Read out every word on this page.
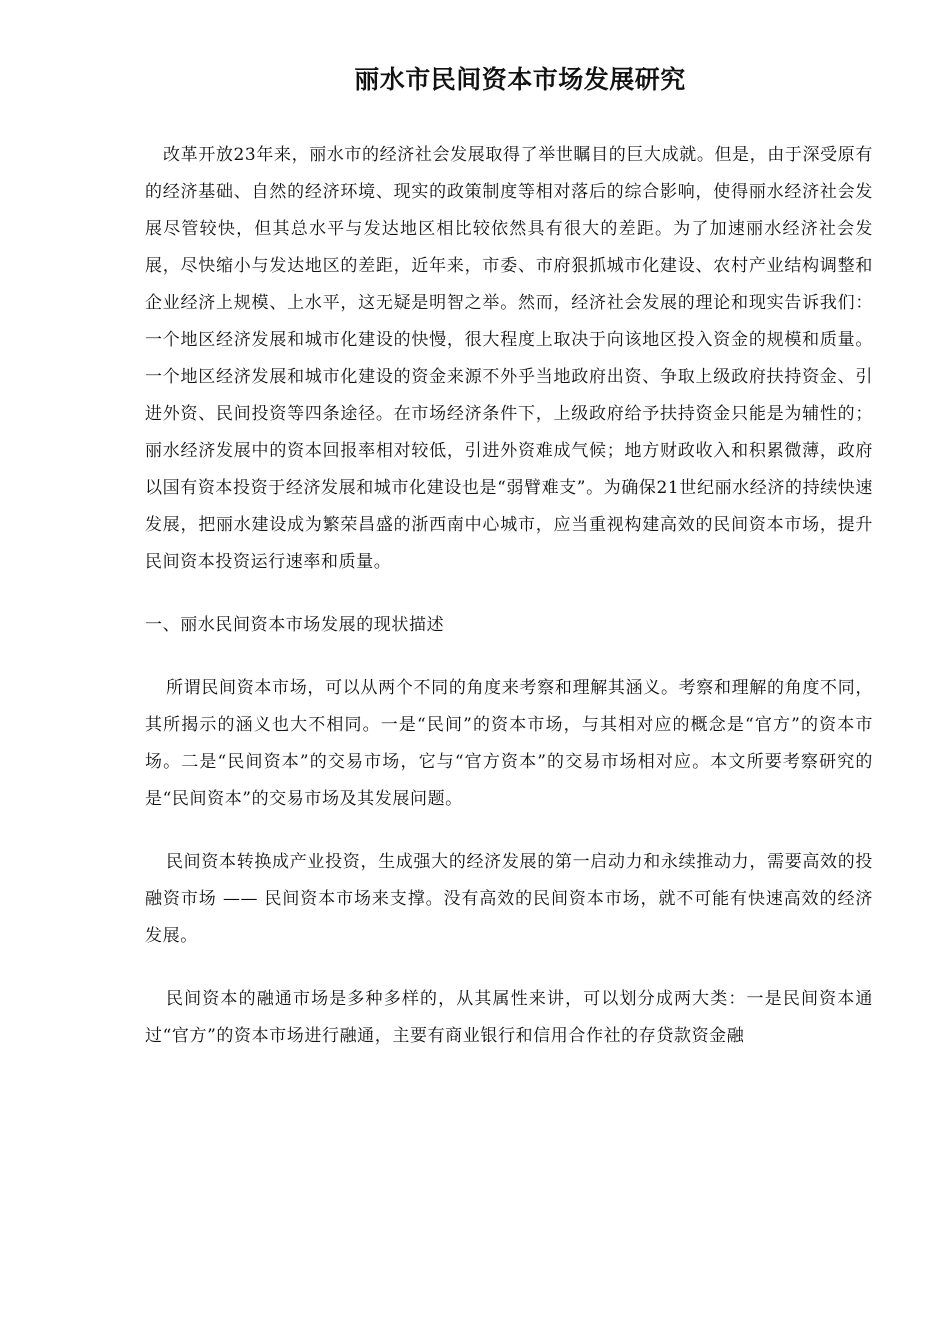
丽水市民间资本市场发展研究

改革开放23年来，丽水市的经济社会发展取得了举世瞩目的巨大成就。但是，由于深受原有的经济基础、自然的经济环境、现实的政策制度等相对落后的综合影响，使得丽水经济社会发展尽管较快，但其总水平与发达地区相比较依然具有很大的差距。为了加速丽水经济社会发展，尽快缩小与发达地区的差距，近年来，市委、市府狠抓城市化建设、农村产业结构调整和企业经济上规模、上水平，这无疑是明智之举。然而，经济社会发展的理论和现实告诉我们：一个地区经济发展和城市化建设的快慢，很大程度上取决于向该地区投入资金的规模和质量。一个地区经济发展和城市化建设的资金来源不外乎当地政府出资、争取上级政府扶持资金、引进外资、民间投资等四条途径。在市场经济条件下，上级政府给予扶持资金只能是为辅性的；丽水经济发展中的资本回报率相对较低，引进外资难成气候；地方财政收入和积累微薄，政府以国有资本投资于经济发展和城市化建设也是“弱臂难支”。为确保21世纪丽水经济的持续快速发展，把丽水建设成为繁荣昌盛的浙西南中心城市，应当重视构建高效的民间资本市场，提升民间资本投资运行速率和质量。

一、丽水民间资本市场发展的现状描述

所谓民间资本市场，可以从两个不同的角度来考察和理解其涵义。考察和理解的角度不同，其所揭示的涵义也大不相同。一是“民间”的资本市场，与其相对应的概念是“官方”的资本市场。二是“民间资本”的交易市场，它与“官方资本”的交易市场相对应。本文所要考察研究的是“民间资本”的交易市场及其发展问题。

民间资本转换成产业投资，生成强大的经济发展的第一启动力和永续推动力，需要高效的投融资市场 —— 民间资本市场来支撑。没有高效的民间资本市场，就不可能有快速高效的经济发展。

民间资本的融通市场是多种多样的，从其属性来讲，可以划分成两大类：一是民间资本通过“官方”的资本市场进行融通，主要有商业银行和信用合作社的存贷款资金融
